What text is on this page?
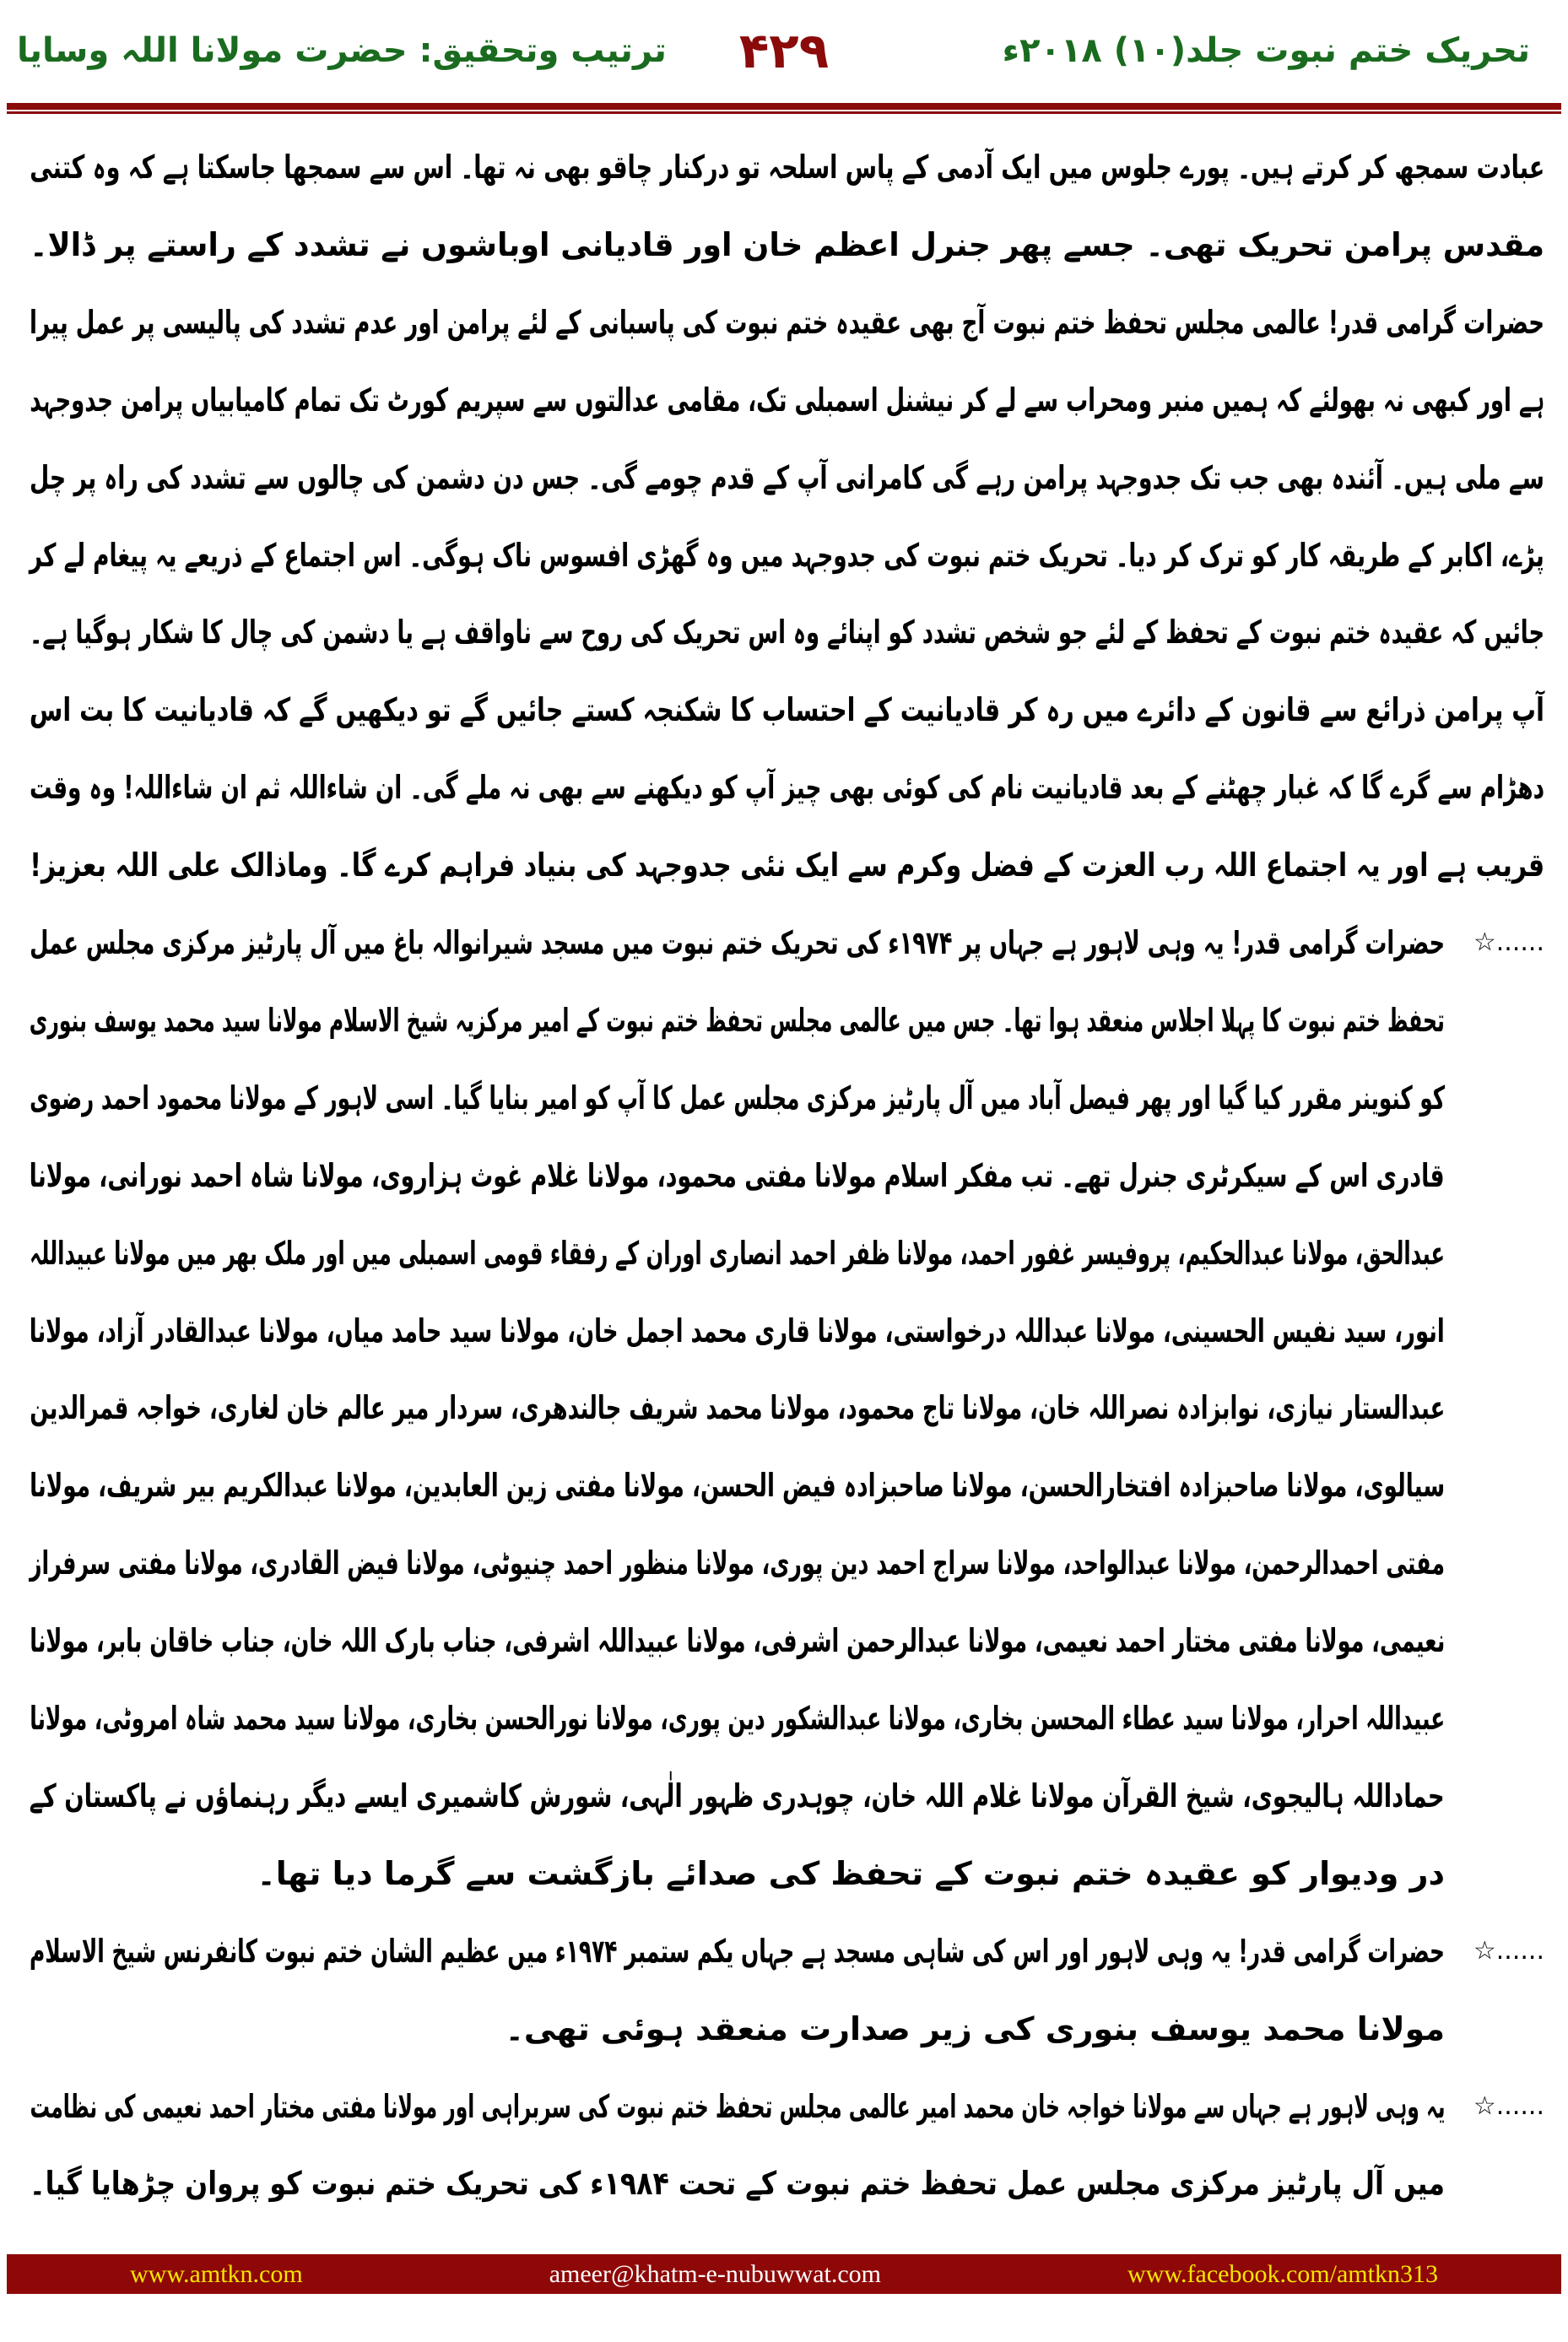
تحریک ختم نبوت جلد(۱۰) ۲۰۱۸ء
۴۲۹
ترتیب وتحقیق: حضرت مولانا اللہ وسایا
عبادت سمجھ کر کرتے ہیں۔ پورے جلوس میں ایک آدمی کے پاس اسلحہ تو درکنار چاقو بھی نہ تھا۔ اس سے سمجھا جاسکتا ہے کہ وہ کتنی
مقدس پرامن تحریک تھی۔ جسے پھر جنرل اعظم خان اور قادیانی اوباشوں نے تشدد کے راستے پر ڈالا۔
حضرات گرامی قدر! عالمی مجلس تحفظ ختم نبوت آج بھی عقیدہ ختم نبوت کی پاسبانی کے لئے پرامن اور عدم تشدد کی پالیسی پر عمل پیرا
ہے اور کبھی نہ بھولئے کہ ہمیں منبر ومحراب سے لے کر نیشنل اسمبلی تک، مقامی عدالتوں سے سپریم کورٹ تک تمام کامیابیاں پرامن جدوجہد
سے ملی ہیں۔ آئندہ بھی جب تک جدوجہد پرامن رہے گی کامرانی آپ کے قدم چومے گی۔ جس دن دشمن کی چالوں سے تشدد کی راہ پر چل
پڑے، اکابر کے طریقہ کار کو ترک کر دیا۔ تحریک ختم نبوت کی جدوجہد میں وہ گھڑی افسوس ناک ہوگی۔ اس اجتماع کے ذریعے یہ پیغام لے کر
جائیں کہ عقیدہ ختم نبوت کے تحفظ کے لئے جو شخص تشدد کو اپنائے وہ اس تحریک کی روح سے ناواقف ہے یا دشمن کی چال کا شکار ہوگیا ہے۔
آپ پرامن ذرائع سے قانون کے دائرے میں رہ کر قادیانیت کے احتساب کا شکنجہ کستے جائیں گے تو دیکھیں گے کہ قادیانیت کا بت اس
دھڑام سے گرے گا کہ غبار چھٹنے کے بعد قادیانیت نام کی کوئی بھی چیز آپ کو دیکھنے سے بھی نہ ملے گی۔ ان شاءاللہ ثم ان شاءاللہ! وہ وقت
قریب ہے اور یہ اجتماع اللہ رب العزت کے فضل وکرم سے ایک نئی جدوجہد کی بنیاد فراہم کرے گا۔ وماذالک علی اللہ بعزیز!
☆......
حضرات گرامی قدر! یہ وہی لاہور ہے جہاں پر ۱۹۷۴ء کی تحریک ختم نبوت میں مسجد شیرانوالہ باغ میں آل پارٹیز مرکزی مجلس عمل
تحفظ ختم نبوت کا پہلا اجلاس منعقد ہوا تھا۔ جس میں عالمی مجلس تحفظ ختم نبوت کے امیر مرکزیہ شیخ الاسلام مولانا سید محمد یوسف بنوری
کو کنوینر مقرر کیا گیا اور پھر فیصل آباد میں آل پارٹیز مرکزی مجلس عمل کا آپ کو امیر بنایا گیا۔ اسی لاہور کے مولانا محمود احمد رضوی
قادری اس کے سیکرٹری جنرل تھے۔ تب مفکر اسلام مولانا مفتی محمود، مولانا غلام غوث ہزاروی، مولانا شاہ احمد نورانی، مولانا
عبدالحق، مولانا عبدالحکیم، پروفیسر غفور احمد، مولانا ظفر احمد انصاری اوران کے رفقاء قومی اسمبلی میں اور ملک بھر میں مولانا عبیداللہ
انور، سید نفیس الحسینی، مولانا عبداللہ درخواستی، مولانا قاری محمد اجمل خان، مولانا سید حامد میاں، مولانا عبدالقادر آزاد، مولانا
عبدالستار نیازی، نوابزادہ نصراللہ خان، مولانا تاج محمود، مولانا محمد شریف جالندھری، سردار میر عالم خان لغاری، خواجہ قمرالدین
سیالوی، مولانا صاحبزادہ افتخارالحسن، مولانا صاحبزادہ فیض الحسن، مولانا مفتی زین العابدین، مولانا عبدالکریم بیر شریف، مولانا
مفتی احمدالرحمن، مولانا عبدالواحد، مولانا سراج احمد دین پوری، مولانا منظور احمد چنیوٹی، مولانا فیض القادری، مولانا مفتی سرفراز
نعیمی، مولانا مفتی مختار احمد نعیمی، مولانا عبدالرحمن اشرفی، مولانا عبیداللہ اشرفی، جناب بارک اللہ خان، جناب خاقان بابر، مولانا
عبیداللہ احرار، مولانا سید عطاء المحسن بخاری، مولانا عبدالشکور دین پوری، مولانا نورالحسن بخاری، مولانا سید محمد شاہ امروٹی، مولانا
حماداللہ ہالیجوی، شیخ القرآن مولانا غلام اللہ خان، چوہدری ظہور الٰہی، شورش کاشمیری ایسے دیگر رہنماؤں نے پاکستان کے
در ودیوار کو عقیدہ ختم نبوت کے تحفظ کی صدائے بازگشت سے گرما دیا تھا۔
☆......
حضرات گرامی قدر! یہ وہی لاہور اور اس کی شاہی مسجد ہے جہاں یکم ستمبر ۱۹۷۴ء میں عظیم الشان ختم نبوت کانفرنس شیخ الاسلام
مولانا محمد یوسف بنوری کی زیر صدارت منعقد ہوئی تھی۔
☆......
یہ وہی لاہور ہے جہاں سے مولانا خواجہ خان محمد امیر عالمی مجلس تحفظ ختم نبوت کی سربراہی اور مولانا مفتی مختار احمد نعیمی کی نظامت
میں آل پارٹیز مرکزی مجلس عمل تحفظ ختم نبوت کے تحت ۱۹۸۴ء کی تحریک ختم نبوت کو پروان چڑھایا گیا۔
www.amtkn.com	ameer@khatm-e-nubuwwat.com	www.facebook.com/amtkn313
